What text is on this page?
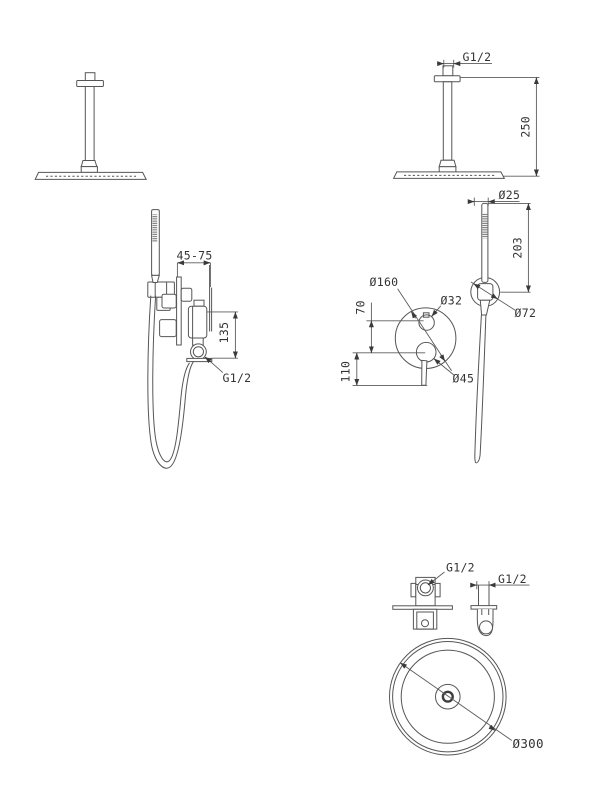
G1/2
250
45-75
135
G1/2
70
110
Ø160
Ø32
Ø45
Ø25
203
Ø72
G1/2
G1/2
Ø300
